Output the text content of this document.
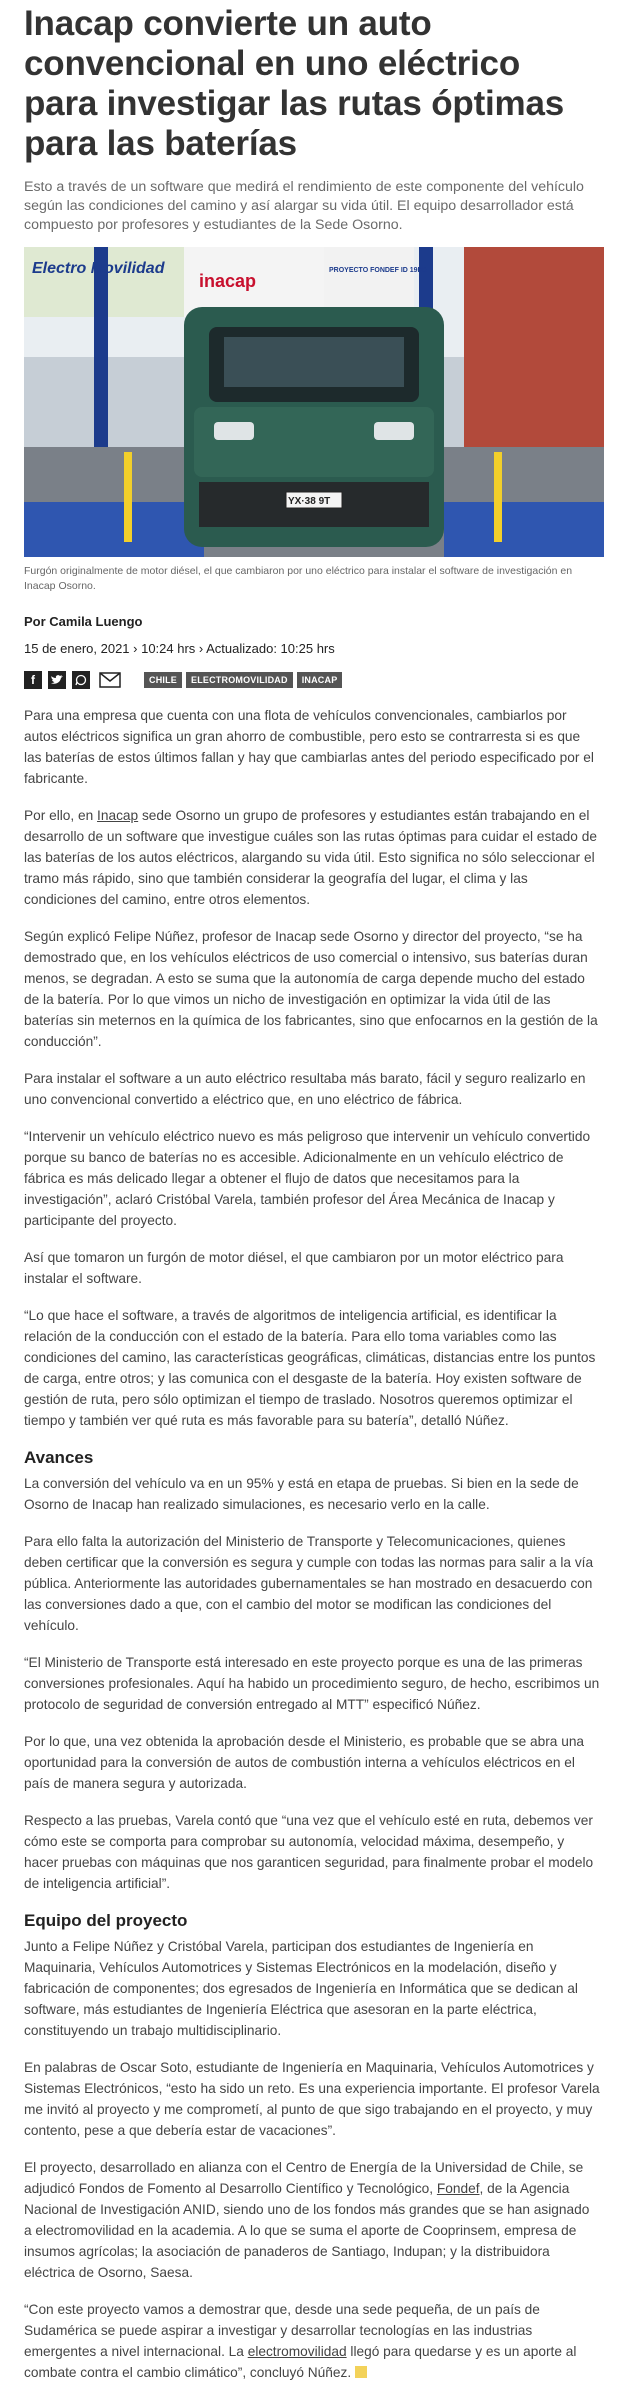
Inacap convierte un auto convencional en uno eléctrico para investigar las rutas óptimas para las baterías

Esto a través de un software que medirá el rendimiento de este componente del vehículo según las condiciones del camino y así alargar su vida útil. El equipo desarrollador está compuesto por profesores y estudiantes de la Sede Osorno.

YX·38 9T
Electro Movilidad
inacap
PROYECTO FONDEF ID 19I10

Furgón originalmente de motor diésel, el que cambiaron por uno eléctrico para instalar el software de investigación en Inacap Osorno.

Por Camila Luengo

15 de enero, 2021 › 10:24 hrs › Actualizado: 10:25 hrs

f	CHILE	ELECTROMOVILIDAD	INACAP

Para una empresa que cuenta con una flota de vehículos convencionales, cambiarlos por autos eléctricos significa un gran ahorro de combustible, pero esto se contrarresta si es que las baterías de estos últimos fallan y hay que cambiarlas antes del periodo especificado por el fabricante.

Por ello, en Inacap sede Osorno un grupo de profesores y estudiantes están trabajando en el desarrollo de un software que investigue cuáles son las rutas óptimas para cuidar el estado de las baterías de los autos eléctricos, alargando su vida útil. Esto significa no sólo seleccionar el tramo más rápido, sino que también considerar la geografía del lugar, el clima y las condiciones del camino, entre otros elementos.

Según explicó Felipe Núñez, profesor de Inacap sede Osorno y director del proyecto, “se ha demostrado que, en los vehículos eléctricos de uso comercial o intensivo, sus baterías duran menos, se degradan. A esto se suma que la autonomía de carga depende mucho del estado de la batería. Por lo que vimos un nicho de investigación en optimizar la vida útil de las baterías sin meternos en la química de los fabricantes, sino que enfocarnos en la gestión de la conducción”.

Para instalar el software a un auto eléctrico resultaba más barato, fácil y seguro realizarlo en uno convencional convertido a eléctrico que, en uno eléctrico de fábrica.

“Intervenir un vehículo eléctrico nuevo es más peligroso que intervenir un vehículo convertido porque su banco de baterías no es accesible. Adicionalmente en un vehículo eléctrico de fábrica es más delicado llegar a obtener el flujo de datos que necesitamos para la investigación”, aclaró Cristóbal Varela, también profesor del Área Mecánica de Inacap y participante del proyecto.

Así que tomaron un furgón de motor diésel, el que cambiaron por un motor eléctrico para instalar el software.

“Lo que hace el software, a través de algoritmos de inteligencia artificial, es identificar la relación de la conducción con el estado de la batería. Para ello toma variables como las condiciones del camino, las características geográficas, climáticas, distancias entre los puntos de carga, entre otros; y las comunica con el desgaste de la batería. Hoy existen software de gestión de ruta, pero sólo optimizan el tiempo de traslado. Nosotros queremos optimizar el tiempo y también ver qué ruta es más favorable para su batería”, detalló Núñez.

Avances

La conversión del vehículo va en un 95% y está en etapa de pruebas. Si bien en la sede de Osorno de Inacap han realizado simulaciones, es necesario verlo en la calle.

Para ello falta la autorización del Ministerio de Transporte y Telecomunicaciones, quienes deben certificar que la conversión es segura y cumple con todas las normas para salir a la vía pública. Anteriormente las autoridades gubernamentales se han mostrado en desacuerdo con las conversiones dado a que, con el cambio del motor se modifican las condiciones del vehículo.

“El Ministerio de Transporte está interesado en este proyecto porque es una de las primeras conversiones profesionales. Aquí ha habido un procedimiento seguro, de hecho, escribimos un protocolo de seguridad de conversión entregado al MTT” especificó Núñez.

Por lo que, una vez obtenida la aprobación desde el Ministerio, es probable que se abra una oportunidad para la conversión de autos de combustión interna a vehículos eléctricos en el país de manera segura y autorizada.

Respecto a las pruebas, Varela contó que “una vez que el vehículo esté en ruta, debemos ver cómo este se comporta para comprobar su autonomía, velocidad máxima, desempeño, y hacer pruebas con máquinas que nos garanticen seguridad, para finalmente probar el modelo de inteligencia artificial”.

Equipo del proyecto

Junto a Felipe Núñez y Cristóbal Varela, participan dos estudiantes de Ingeniería en Maquinaria, Vehículos Automotrices y Sistemas Electrónicos en la modelación, diseño y fabricación de componentes; dos egresados de Ingeniería en Informática que se dedican al software, más estudiantes de Ingeniería Eléctrica que asesoran en la parte eléctrica, constituyendo un trabajo multidisciplinario.

En palabras de Oscar Soto, estudiante de Ingeniería en Maquinaria, Vehículos Automotrices y Sistemas Electrónicos, “esto ha sido un reto. Es una experiencia importante. El profesor Varela me invitó al proyecto y me comprometí, al punto de que sigo trabajando en el proyecto, y muy contento, pese a que debería estar de vacaciones”.

El proyecto, desarrollado en alianza con el Centro de Energía de la Universidad de Chile, se adjudicó Fondos de Fomento al Desarrollo Científico y Tecnológico, Fondef, de la Agencia Nacional de Investigación ANID, siendo uno de los fondos más grandes que se han asignado a electromovilidad en la academia. A lo que se suma el aporte de Cooprinsem, empresa de insumos agrícolas; la asociación de panaderos de Santiago, Indupan; y la distribuidora eléctrica de Osorno, Saesa.

“Con este proyecto vamos a demostrar que, desde una sede pequeña, de un país de Sudamérica se puede aspirar a investigar y desarrollar tecnologías en las industrias emergentes a nivel internacional. La electromovilidad llegó para quedarse y es un aporte al combate contra el cambio climático”, concluyó Núñez.
